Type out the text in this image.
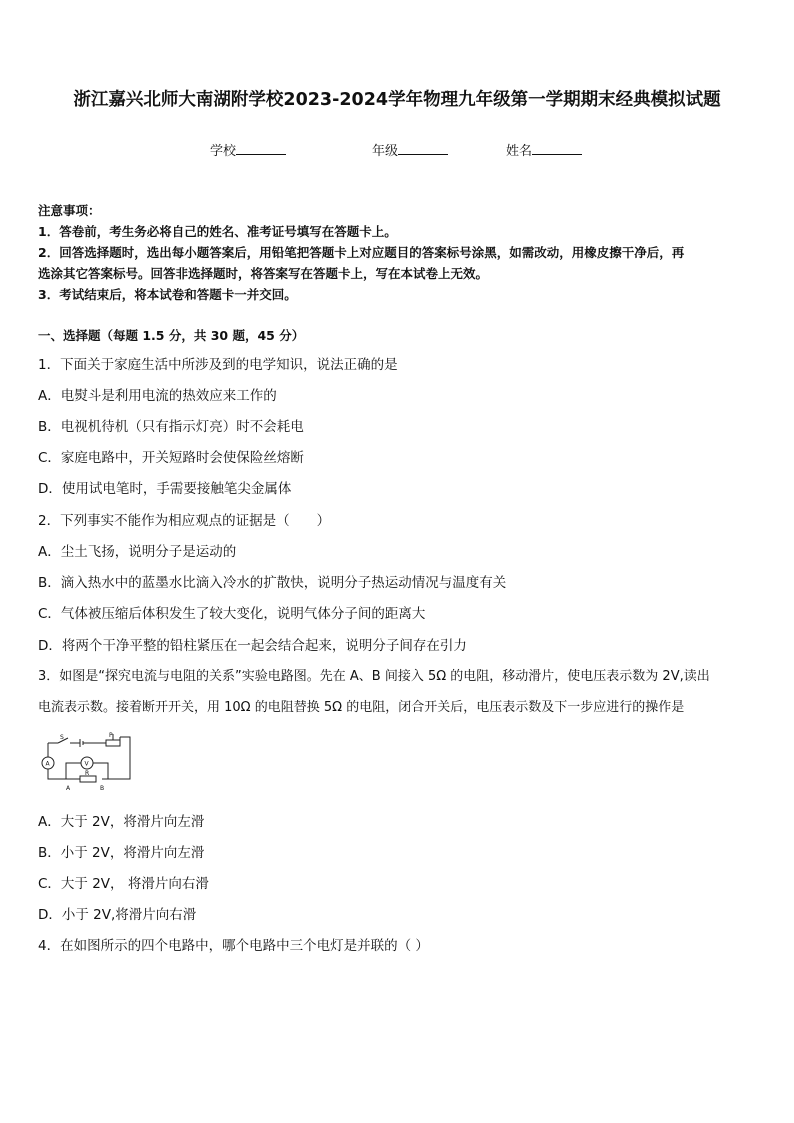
浙江嘉兴北师大南湖附学校2023-2024学年物理九年级第一学期期末经典模拟试题
学校	年级	姓名
注意事项：
1．答卷前，考生务必将自己的姓名、准考证号填写在答题卡上。
2．回答选择题时，选出每小题答案后，用铅笔把答题卡上对应题目的答案标号涂黑，如需改动，用橡皮擦干净后，再
选涂其它答案标号。回答非选择题时，将答案写在答题卡上，写在本试卷上无效。
3．考试结束后，将本试卷和答题卡一并交回。
一、选择题（每题 1.5 分，共 30 题，45 分）
1．下面关于家庭生活中所涉及到的电学知识，说法正确的是
A．电熨斗是利用电流的热效应来工作的
B．电视机待机（只有指示灯亮）时不会耗电
C．家庭电路中，开关短路时会使保险丝熔断
D．使用试电笔时，手需要接触笔尖金属体
2．下列事实不能作为相应观点的证据是（　　）
A．尘土飞扬，说明分子是运动的
B．滴入热水中的蓝墨水比滴入冷水的扩散快，说明分子热运动情况与温度有关
C．气体被压缩后体积发生了较大变化，说明气体分子间的距离大
D．将两个干净平整的铅柱紧压在一起会结合起来，说明分子间存在引力
3．如图是“探究电流与电阻的关系”实验电路图。先在 A、B 间接入 5Ω 的电阻，移动滑片，使电压表示数为 2V,读出
电流表示数。接着断开开关，用 10Ω 的电阻替换 5Ω 的电阻，闭合开关后，电压表示数及下一步应进行的操作是
S	P
A	V
R
A	B
A．大于 2V，将滑片向左滑
B．小于 2V，将滑片向左滑
C．大于 2V， 将滑片向右滑
D．小于 2V,将滑片向右滑
4．在如图所示的四个电路中，哪个电路中三个电灯是并联的（ ）
